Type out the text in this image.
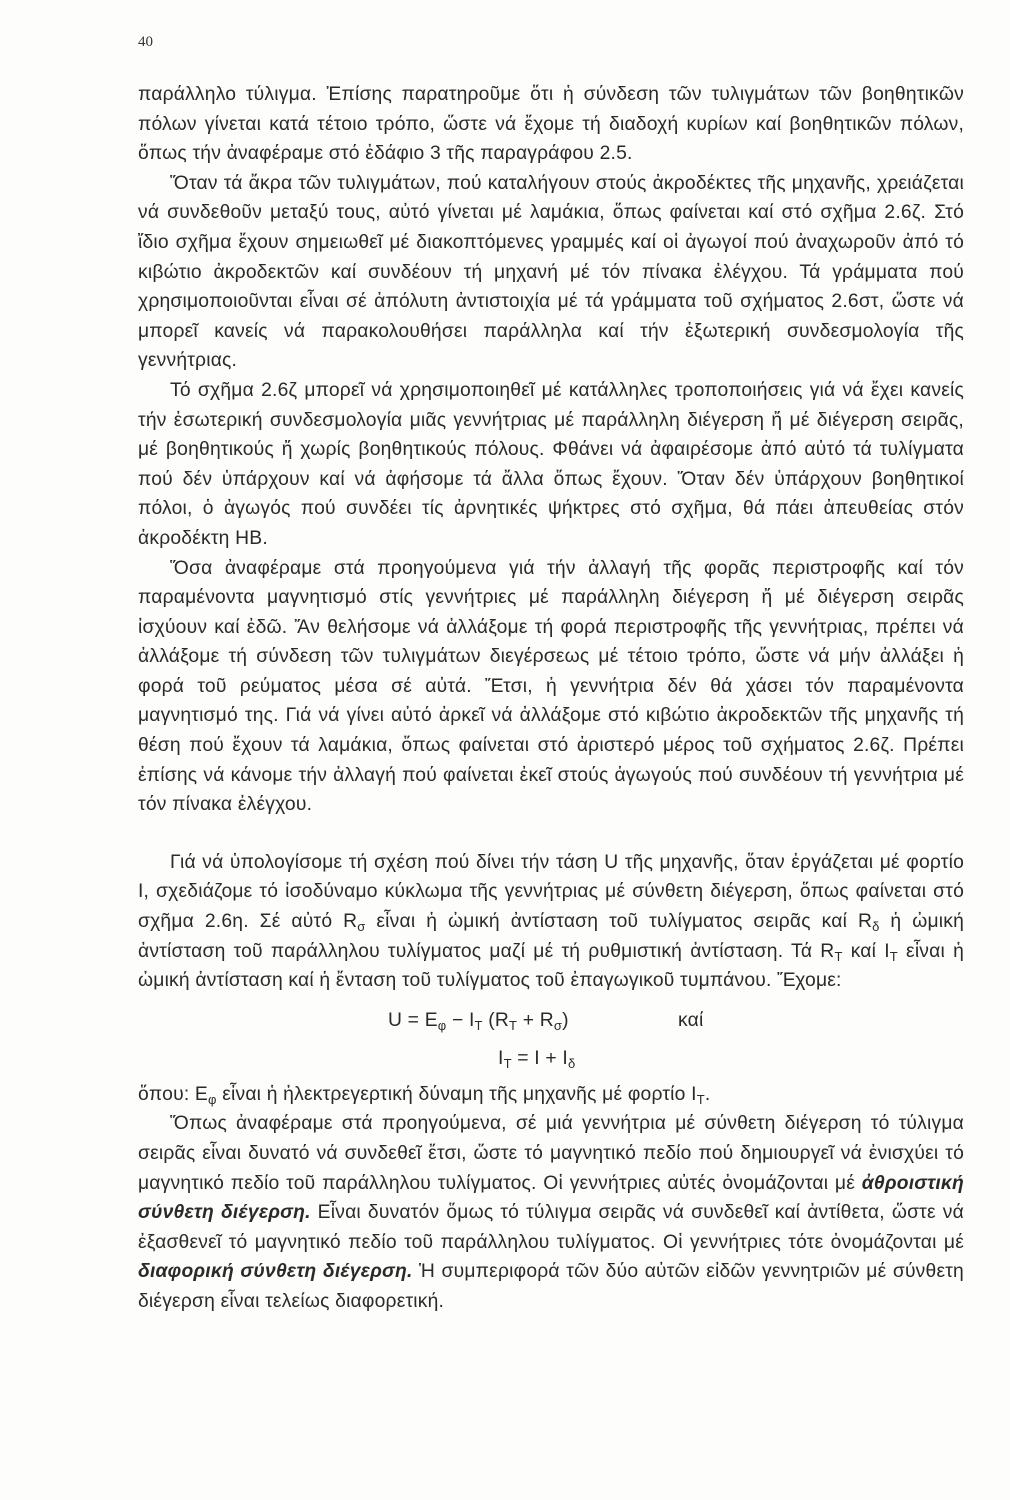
40

παράλληλο τύλιγμα. Ἐπίσης παρατηροῦμε ὅτι ἡ σύνδεση τῶν τυλιγμάτων τῶν βοηθητικῶν πόλων γίνεται κατά τέτοιο τρόπο, ὥστε νά ἔχομε τή διαδοχή κυρίων καί βοηθητικῶν πόλων, ὅπως τήν ἀναφέραμε στό ἐδάφιο 3 τῆς παραγράφου 2.5.

Ὅταν τά ἄκρα τῶν τυλιγμάτων, πού καταλήγουν στούς ἀκροδέκτες τῆς μηχανῆς, χρειάζεται νά συνδεθοῦν μεταξύ τους, αὐτό γίνεται μέ λαμάκια, ὅπως φαίνεται καί στό σχῆμα 2.6ζ. Στό ἴδιο σχῆμα ἔχουν σημειωθεῖ μέ διακοπτόμενες γραμμές καί οἱ ἀγωγοί πού ἀναχωροῦν ἀπό τό κιβώτιο ἀκροδεκτῶν καί συνδέουν τή μηχανή μέ τόν πίνακα ἐλέγχου. Τά γράμματα πού χρησιμοποιοῦνται εἶναι σέ ἀπόλυτη ἀντιστοιχία μέ τά γράμματα τοῦ σχήματος 2.6στ, ὥστε νά μπορεῖ κανείς νά παρακολουθήσει παράλληλα καί τήν ἐξωτερική συνδεσμολογία τῆς γεννήτριας.

Τό σχῆμα 2.6ζ μπορεῖ νά χρησιμοποιηθεῖ μέ κατάλληλες τροποποιήσεις γιά νά ἔχει κανείς τήν ἐσωτερική συνδεσμολογία μιᾶς γεννήτριας μέ παράλληλη διέγερση ἤ μέ διέγερση σειρᾶς, μέ βοηθητικούς ἤ χωρίς βοηθητικούς πόλους. Φθάνει νά ἀφαιρέσομε ἀπό αὐτό τά τυλίγματα πού δέν ὑπάρχουν καί νά ἀφήσομε τά ἄλλα ὅπως ἔχουν. Ὅταν δέν ὑπάρχουν βοηθητικοί πόλοι, ὁ ἀγωγός πού συνδέει τίς ἀρνητικές ψήκτρες στό σχῆμα, θά πάει ἀπευθείας στόν ἀκροδέκτη ΗΒ.

Ὅσα ἀναφέραμε στά προηγούμενα γιά τήν ἀλλαγή τῆς φορᾶς περιστροφῆς καί τόν παραμένοντα μαγνητισμό στίς γεννήτριες μέ παράλληλη διέγερση ἤ μέ διέγερση σειρᾶς ἰσχύουν καί ἐδῶ. Ἄν θελήσομε νά ἀλλάξομε τή φορά περιστροφῆς τῆς γεννήτριας, πρέπει νά ἀλλάξομε τή σύνδεση τῶν τυλιγμάτων διεγέρσεως μέ τέτοιο τρόπο, ὥστε νά μήν ἀλλάξει ἡ φορά τοῦ ρεύματος μέσα σέ αὐτά. Ἔτσι, ἡ γεννήτρια δέν θά χάσει τόν παραμένοντα μαγνητισμό της. Γιά νά γίνει αὐτό ἀρκεῖ νά ἀλλάξομε στό κιβώτιο ἀκροδεκτῶν τῆς μηχανῆς τή θέση πού ἔχουν τά λαμάκια, ὅπως φαίνεται στό ἀριστερό μέρος τοῦ σχήματος 2.6ζ. Πρέπει ἐπίσης νά κάνομε τήν ἀλλαγή πού φαίνεται ἐκεῖ στούς ἀγωγούς πού συνδέουν τή γεννήτρια μέ τόν πίνακα ἐλέγχου.

Γιά νά ὑπολογίσομε τή σχέση πού δίνει τήν τάση U τῆς μηχανῆς, ὅταν ἐργάζεται μέ φορτίο Ι, σχεδιάζομε τό ἰσοδύναμο κύκλωμα τῆς γεννήτριας μέ σύνθετη διέγερση, ὅπως φαίνεται στό σχῆμα 2.6η. Σέ αὐτό $R_\sigma$ εἶναι ἡ ὠμική ἀντίσταση τοῦ τυλίγματος σειρᾶς καί $R_\delta$ ἡ ὠμική ἀντίσταση τοῦ παράλληλου τυλίγματος μαζί μέ τή ρυθμιστική ἀντίσταση. Τά $R_T$ καί $I_T$ εἶναι ἡ ὠμική ἀντίσταση καί ἡ ἔνταση τοῦ τυλίγματος τοῦ ἐπαγωγικοῦ τυμπάνου. Ἔχομε:

$U = E_\varphi - I_T$ $(R_T + R_\sigma)$	καί
$I_T = I + I_\delta$

ὅπου: $E_\varphi$ εἶναι ἡ ἠλεκτρεγερτική δύναμη τῆς μηχανῆς μέ φορτίο $I_T$.

Ὅπως ἀναφέραμε στά προηγούμενα, σέ μιά γεννήτρια μέ σύνθετη διέγερση τό τύλιγμα σειρᾶς εἶναι δυνατό νά συνδεθεῖ ἔτσι, ὥστε τό μαγνητικό πεδίο πού δημιουργεῖ νά ἐνισχύει τό μαγνητικό πεδίο τοῦ παράλληλου τυλίγματος. Οἱ γεννήτριες αὐτές ὀνομάζονται μέ ἀθροιστική σύνθετη διέγερση. Εἶναι δυνατόν ὅμως τό τύλιγμα σειρᾶς νά συνδεθεῖ καί ἀντίθετα, ὥστε νά ἐξασθενεῖ τό μαγνητικό πεδίο τοῦ παράλληλου τυλίγματος. Οἱ γεννήτριες τότε ὀνομάζονται μέ διαφορική σύνθετη διέγερση. Ἡ συμπεριφορά τῶν δύο αὐτῶν εἰδῶν γεννητριῶν μέ σύνθετη διέγερση εἶναι τελείως διαφορετική.
